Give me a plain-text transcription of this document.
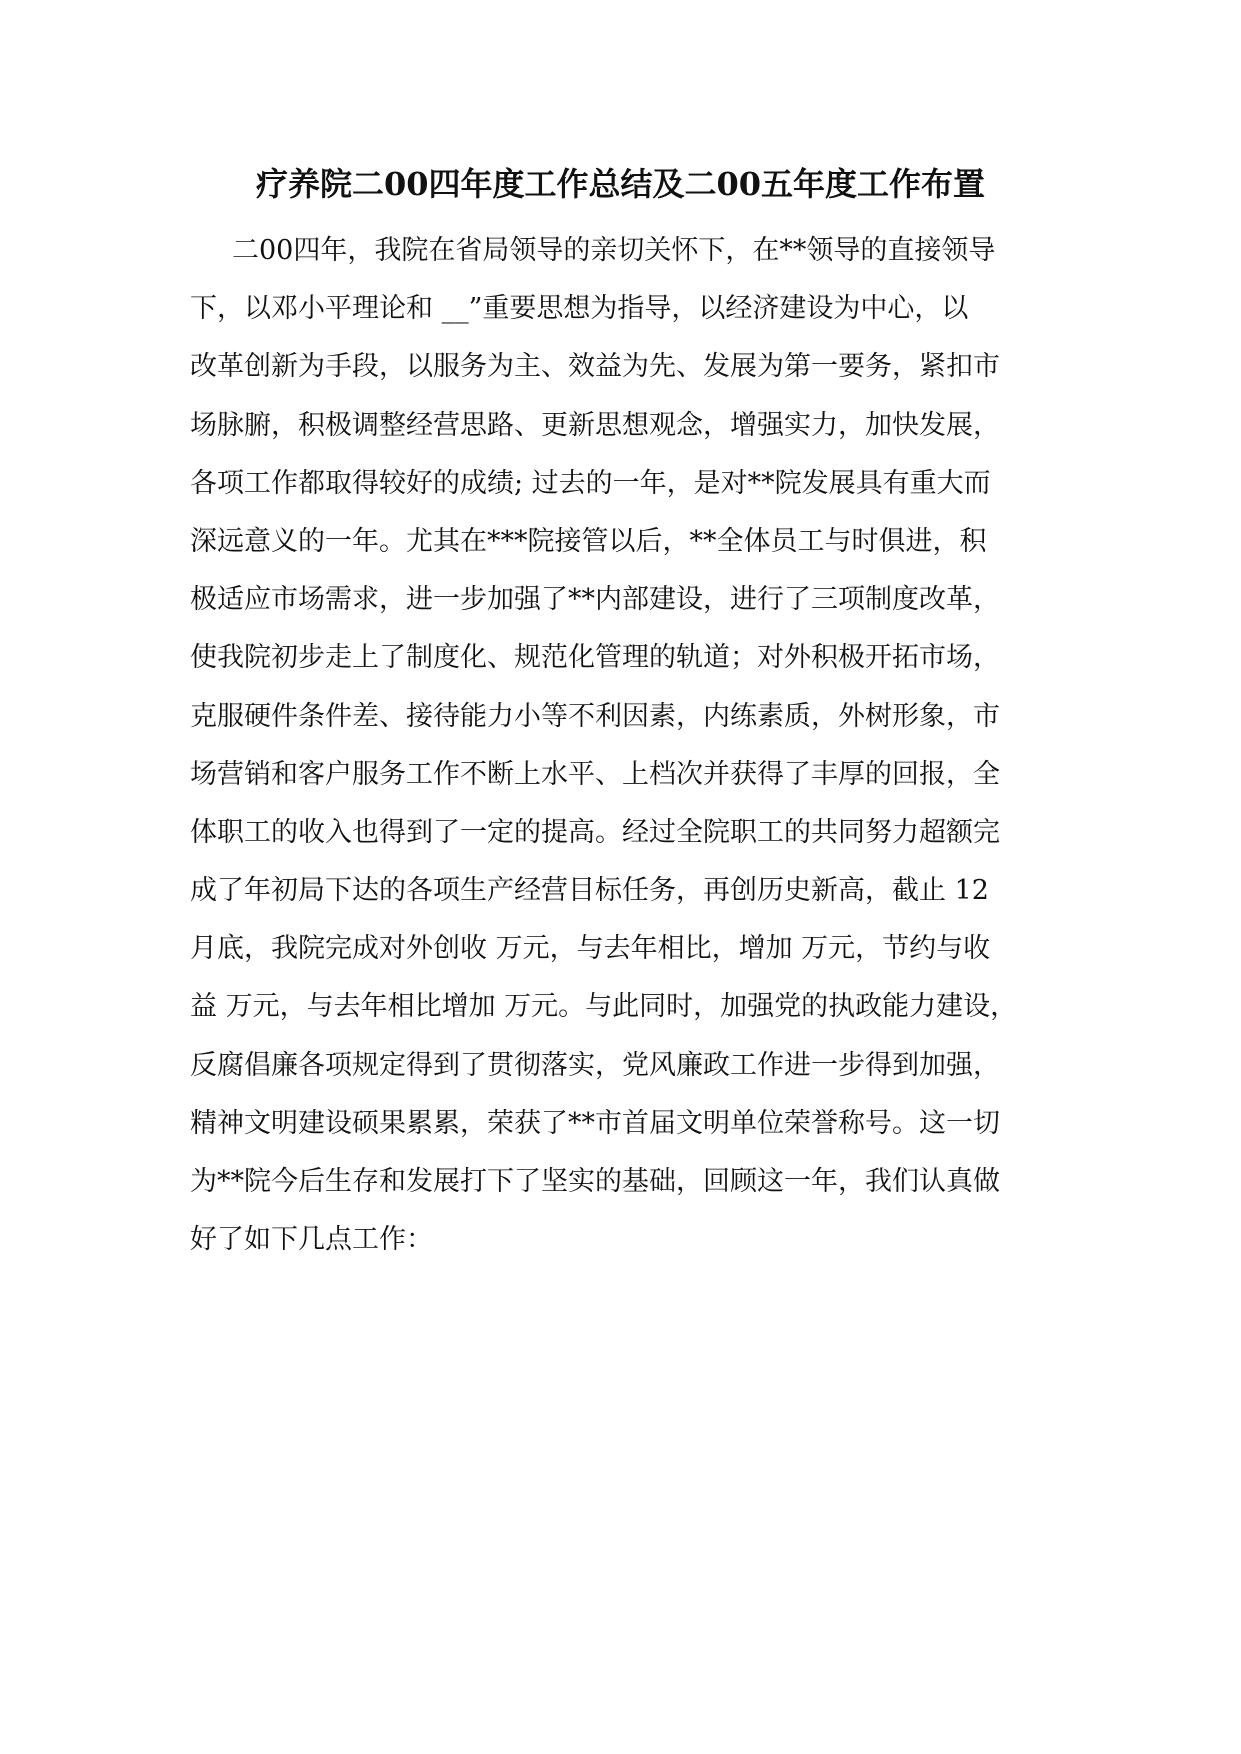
疗养院二00四年度工作总结及二00五年度工作布置
二00四年，我院在省局领导的亲切关怀下，在**领导的直接领导
下，以邓小平理论和 __”重要思想为指导，以经济建设为中心，以
改革创新为手段，以服务为主、效益为先、发展为第一要务，紧扣市
场脉腑，积极调整经营思路、更新思想观念，增强实力，加快发展，
各项工作都取得较好的成绩; 过去的一年，是对**院发展具有重大而
深远意义的一年。尤其在***院接管以后，**全体员工与时俱进，积
极适应市场需求，进一步加强了**内部建设，进行了三项制度改革，
使我院初步走上了制度化、规范化管理的轨道；对外积极开拓市场，
克服硬件条件差、接待能力小等不利因素，内练素质，外树形象，市
场营销和客户服务工作不断上水平、上档次并获得了丰厚的回报，全
体职工的收入也得到了一定的提高。经过全院职工的共同努力超额完
成了年初局下达的各项生产经营目标任务，再创历史新高，截止 12
月底，我院完成对外创收 万元，与去年相比，增加 万元，节约与收
益 万元，与去年相比增加 万元。与此同时，加强党的执政能力建设，
反腐倡廉各项规定得到了贯彻落实，党风廉政工作进一步得到加强，
精神文明建设硕果累累，荣获了**市首届文明单位荣誉称号。这一切
为**院今后生存和发展打下了坚实的基础，回顾这一年，我们认真做
好了如下几点工作：
